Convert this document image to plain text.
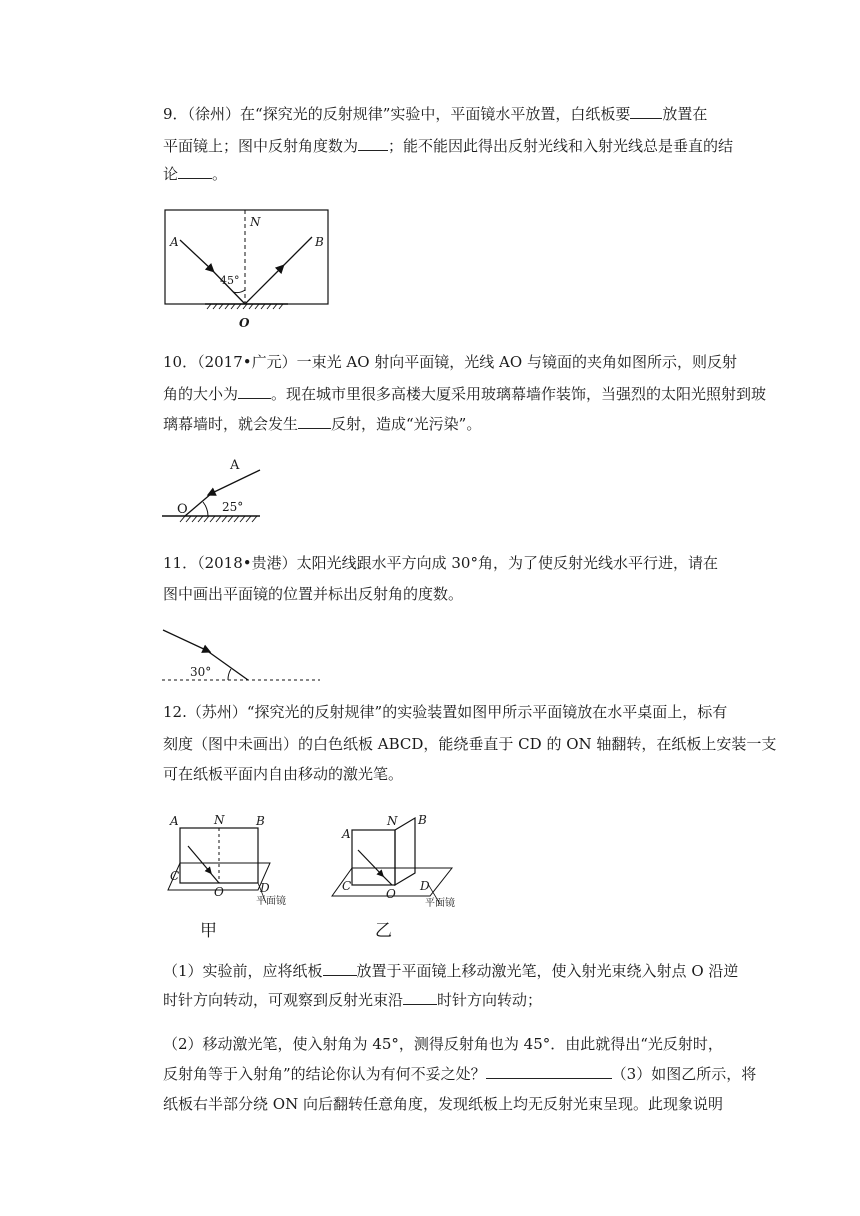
9．（徐州）在“探究光的反射规律”实验中，平面镜水平放置，白纸板要 放置在
平面镜上；图中反射角度数为 ；能不能因此得出反射光线和入射光线总是垂直的结
论 。
A	B
N
O
45°
10．（2017•广元）一束光 AO 射向平面镜，光线 AO 与镜面的夹角如图所示，则反射
角的大小为 。现在城市里很多高楼大厦采用玻璃幕墙作装饰，当强烈的太阳光照射到玻
璃幕墙时，就会发生 反射，造成“光污染”。
A
O	25°
11．（2018•贵港）太阳光线跟水平方向成 30°角，为了使反射光线水平行进，请在
图中画出平面镜的位置并标出反射角的度数。
30°
12.（苏州）“探究光的反射规律”的实验装置如图甲所示平面镜放在水平桌面上，标有
刻度（图中未画出）的白色纸板 ABCD，能绕垂直于 CD 的 ON 轴翻转，在纸板上安装一支
可在纸板平面内自由移动的激光笔。
A	N	B
C
O	D
平面镜
甲
A
N B
C
O
D
平面镜
乙
（1）实验前，应将纸板 放置于平面镜上移动激光笔，使入射光束绕入射点 O 沿逆
时针方向转动，可观察到反射光束沿 时针方向转动；
（2）移动激光笔，使入射角为 45°，测得反射角也为 45°．由此就得出“光反射时，
反射角等于入射角”的结论你认为有何不妥之处？	（3）如图乙所示，将
纸板右半部分绕 ON 向后翻转任意角度，发现纸板上均无反射光束呈现。此现象说明
